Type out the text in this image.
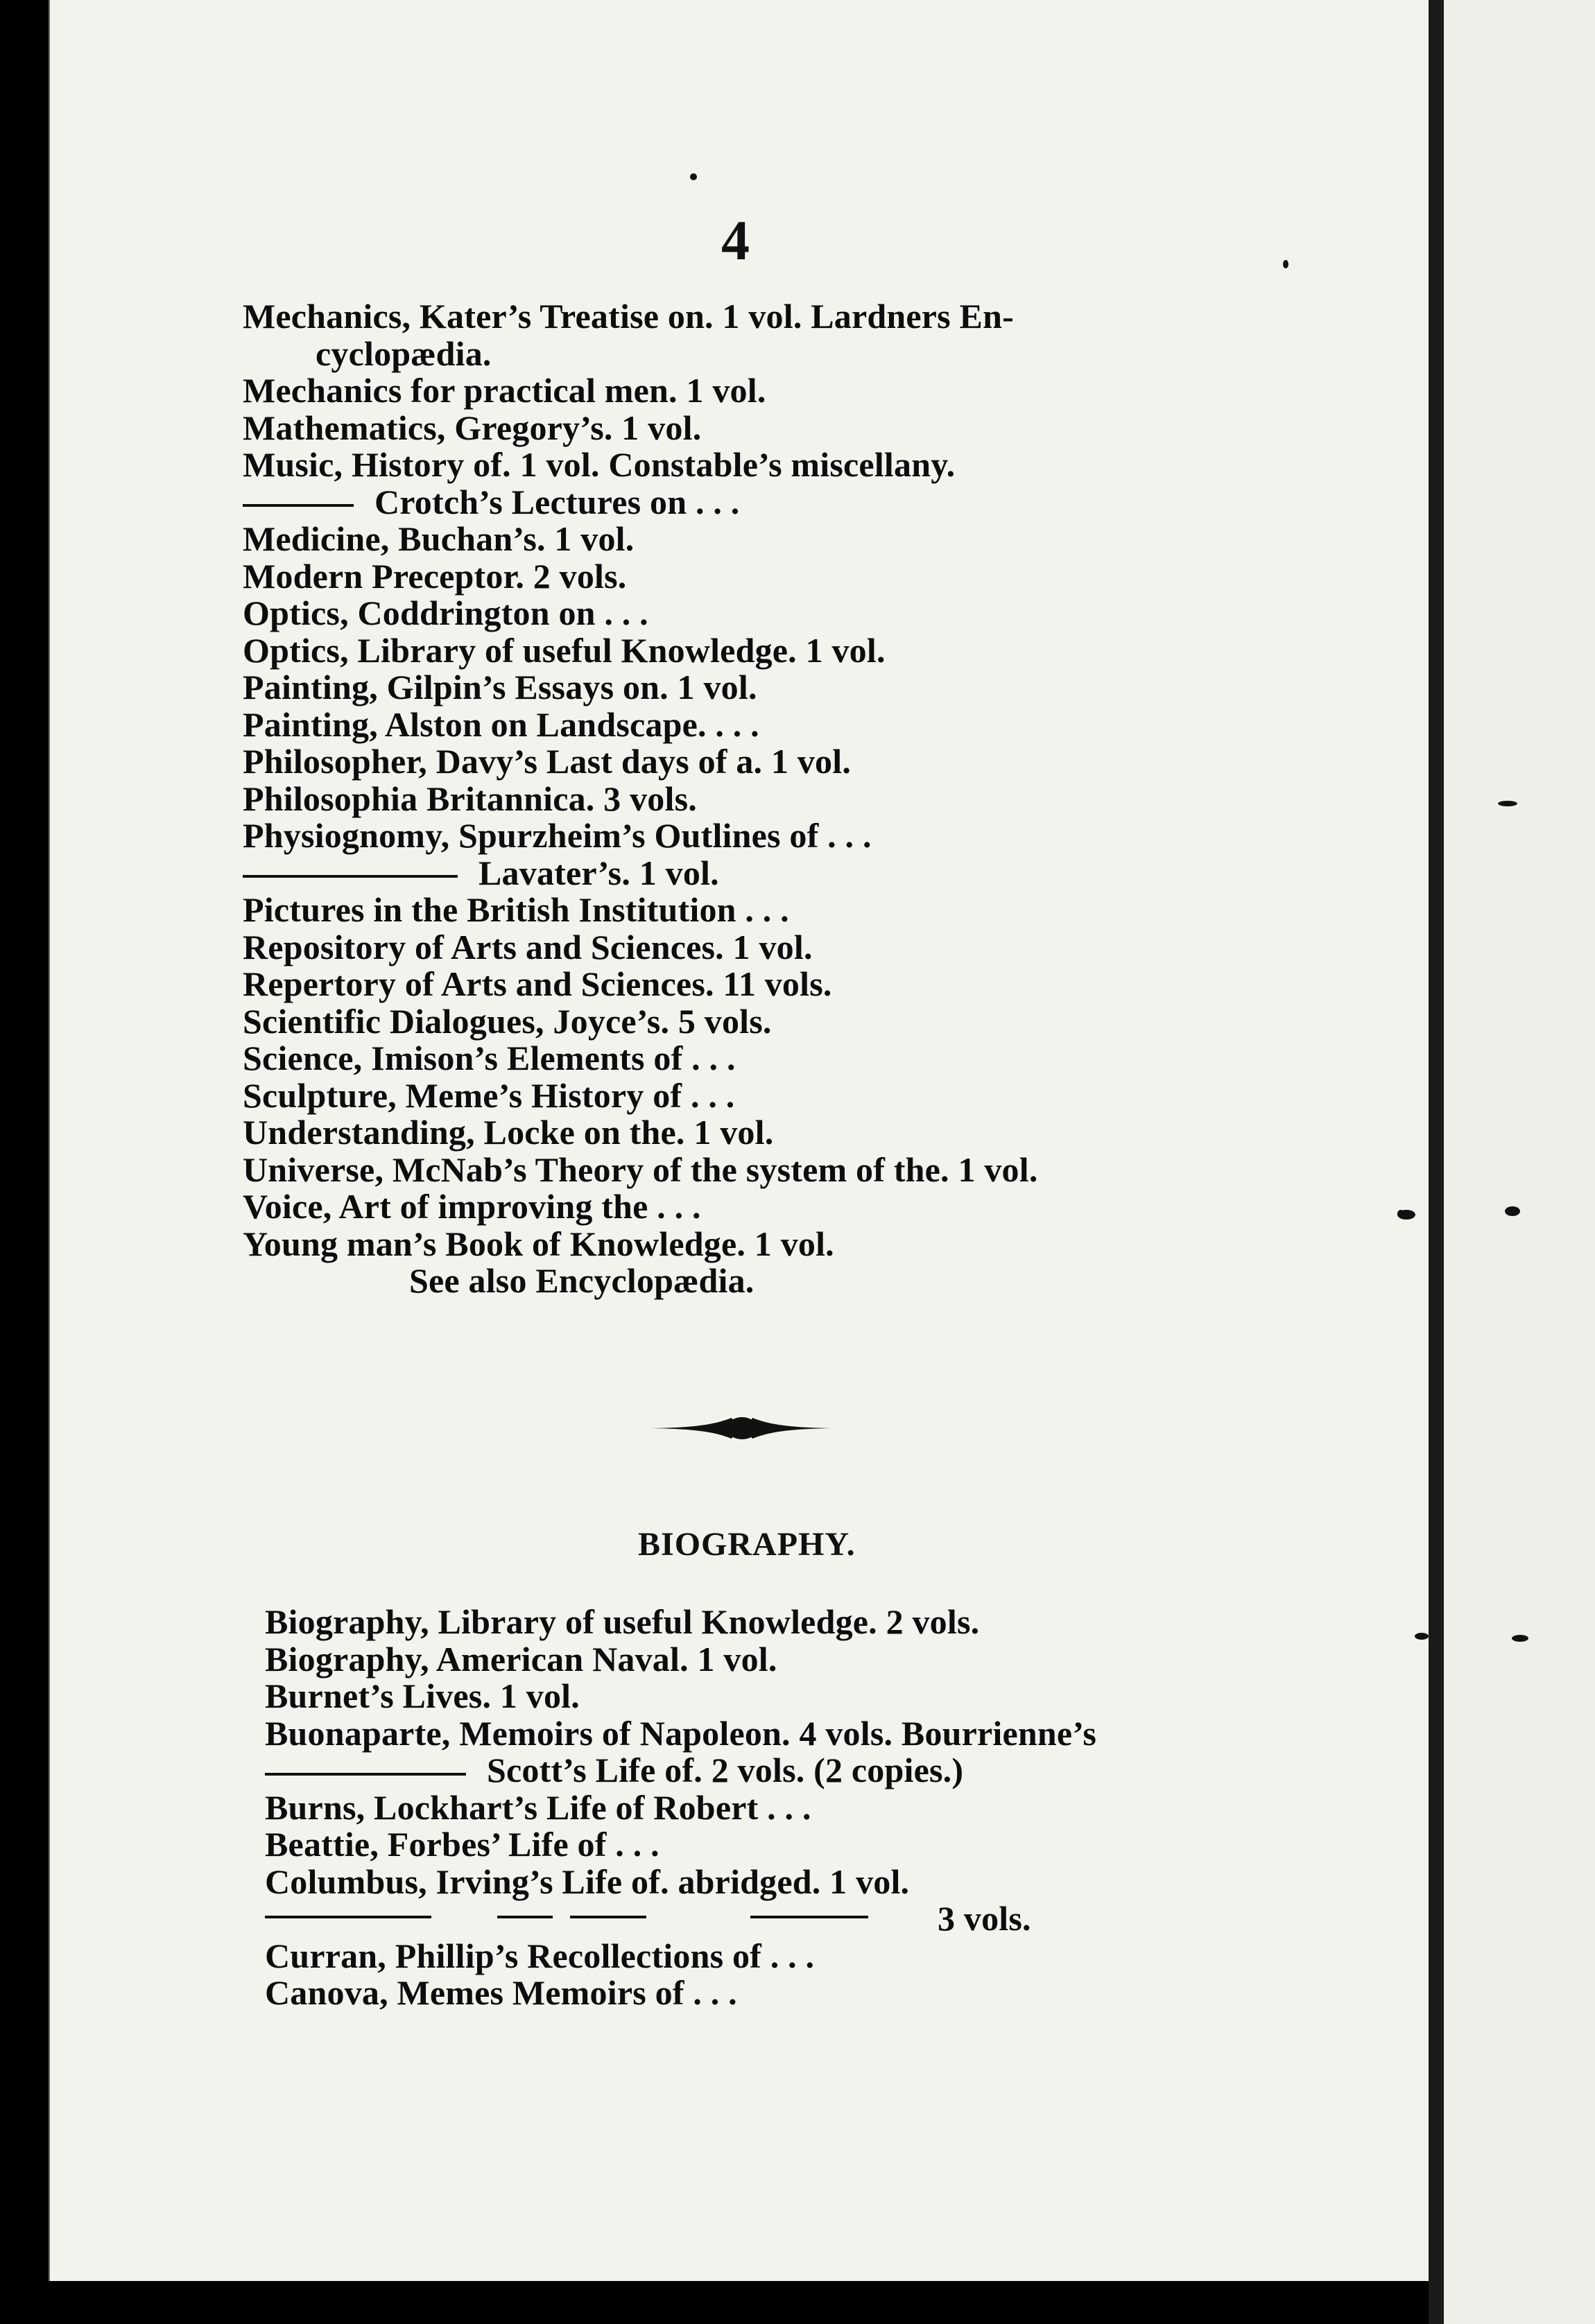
4
Mechanics, Kater’s Treatise on. 1 vol. Lardners En-
cyclopædia.
Mechanics for practical men. 1 vol.
Mathematics, Gregory’s. 1 vol.
Music, History of. 1 vol. Constable’s miscellany.
Crotch’s Lectures on . . .
Medicine, Buchan’s. 1 vol.
Modern Preceptor. 2 vols.
Optics, Coddrington on . . .
Optics, Library of useful Knowledge. 1 vol.
Painting, Gilpin’s Essays on. 1 vol.
Painting, Alston on Landscape. . . .
Philosopher, Davy’s Last days of a. 1 vol.
Philosophia Britannica. 3 vols.
Physiognomy, Spurzheim’s Outlines of . . .
Lavater’s. 1 vol.
Pictures in the British Institution . . .
Repository of Arts and Sciences. 1 vol.
Repertory of Arts and Sciences. 11 vols.
Scientific Dialogues, Joyce’s. 5 vols.
Science, Imison’s Elements of . . .
Sculpture, Meme’s History of . . .
Understanding, Locke on the. 1 vol.
Universe, McNab’s Theory of the system of the. 1 vol.
Voice, Art of improving the . . .
Young man’s Book of Knowledge. 1 vol.
See also Encyclopædia.
BIOGRAPHY.
Biography, Library of useful Knowledge. 2 vols.
Biography, American Naval. 1 vol.
Burnet’s Lives. 1 vol.
Buonaparte, Memoirs of Napoleon. 4 vols. Bourrienne’s
Scott’s Life of. 2 vols. (2 copies.)
Burns, Lockhart’s Life of Robert . . .
Beattie, Forbes’ Life of . . .
Columbus, Irving’s Life of. abridged. 1 vol.
3 vols.
Curran, Phillip’s Recollections of . . .
Canova, Memes Memoirs of . . .
